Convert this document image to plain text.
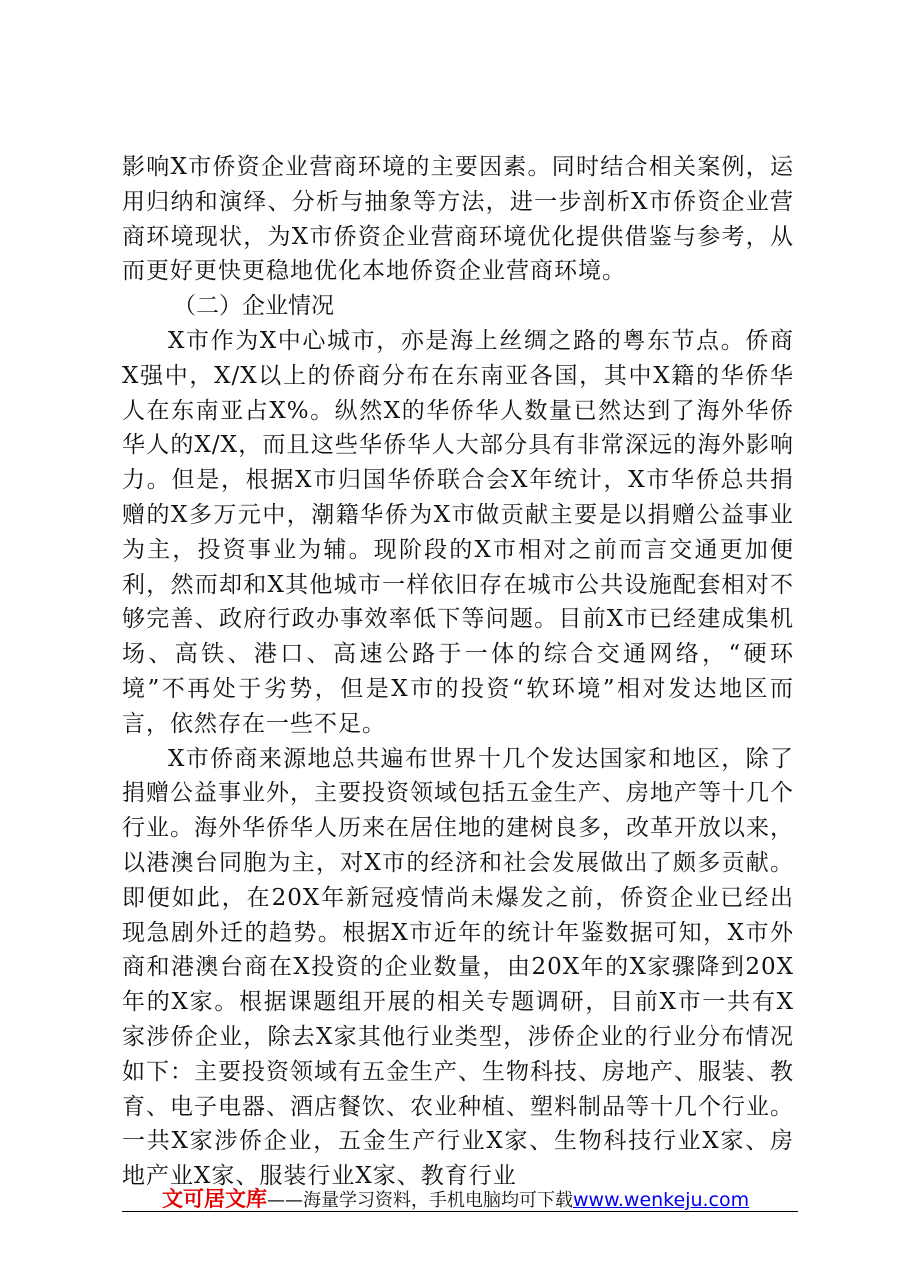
影响X市侨资企业营商环境的主要因素。同时结合相关案例，运用归纳和演绎、分析与抽象等方法，进一步剖析X市侨资企业营商环境现状，为X市侨资企业营商环境优化提供借鉴与参考，从而更好更快更稳地优化本地侨资企业营商环境。

（二）企业情况

X市作为X中心城市，亦是海上丝绸之路的粤东节点。侨商X强中，X/X以上的侨商分布在东南亚各国，其中X籍的华侨华人在东南亚占X%。纵然X的华侨华人数量已然达到了海外华侨华人的X/X，而且这些华侨华人大部分具有非常深远的海外影响力。但是，根据X市归国华侨联合会X年统计，X市华侨总共捐赠的X多万元中，潮籍华侨为X市做贡献主要是以捐赠公益事业为主，投资事业为辅。现阶段的X市相对之前而言交通更加便利，然而却和X其他城市一样依旧存在城市公共设施配套相对不够完善、政府行政办事效率低下等问题。目前X市已经建成集机场、高铁、港口、高速公路于一体的综合交通网络，“硬环境”不再处于劣势，但是X市的投资“软环境”相对发达地区而言，依然存在一些不足。

X市侨商来源地总共遍布世界十几个发达国家和地区，除了捐赠公益事业外，主要投资领域包括五金生产、房地产等十几个行业。海外华侨华人历来在居住地的建树良多，改革开放以来，以港澳台同胞为主，对X市的经济和社会发展做出了颇多贡献。即便如此，在20X年新冠疫情尚未爆发之前，侨资企业已经出现急剧外迁的趋势。根据X市近年的统计年鉴数据可知，X市外商和港澳台商在X投资的企业数量，由20X年的X家骤降到20X年的X家。根据课题组开展的相关专题调研，目前X市一共有X家涉侨企业，除去X家其他行业类型，涉侨企业的行业分布情况如下：主要投资领域有五金生产、生物科技、房地产、服装、教育、电子电器、酒店餐饮、农业种植、塑料制品等十几个行业。一共X家涉侨企业，五金生产行业X家、生物科技行业X家、房地产业X家、服装行业X家、教育行业

文可居文库——海量学习资料，手机电脑均可下载www.wenkeju.com
